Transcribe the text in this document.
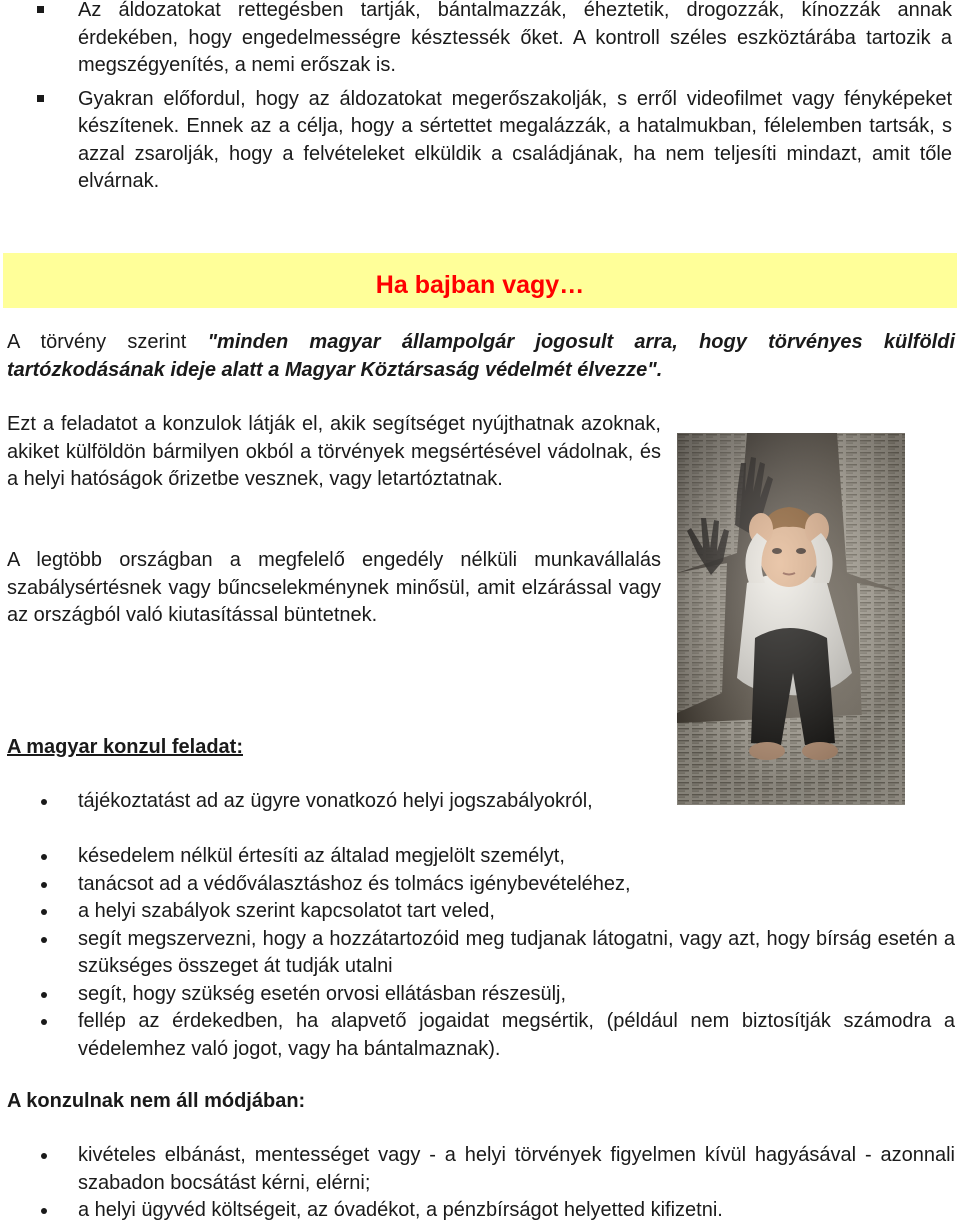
Az áldozatokat rettegésben tartják, bántalmazzák, éheztetik, drogozzák, kínozzák annak érdekében, hogy engedelmességre késztessék őket. A kontroll széles eszköztárába tartozik a megszégyenítés, a nemi erőszak is.
Gyakran előfordul, hogy az áldozatokat megerőszakolják, s erről videofilmet vagy fényképeket készítenek. Ennek az a célja, hogy a sértettet megalázzák, a hatalmukban, félelemben tartsák, s azzal zsarolják, hogy a felvételeket elküldik a családjának, ha nem teljesíti mindazt, amit tőle elvárnak.
Ha bajban vagy…
A törvény szerint "minden magyar állampolgár jogosult arra, hogy törvényes külföldi tartózkodásának ideje alatt a Magyar Köztársaság védelmét élvezze".
Ezt a feladatot a konzulok látják el, akik segítséget nyújthatnak azoknak, akiket külföldön bármilyen okból a törvények megsértésével vádolnak, és a helyi hatóságok őrizetbe vesznek, vagy letartóztatnak.
A legtöbb országban a megfelelő engedély nélküli munkavállalás szabálysértésnek vagy bűncselekménynek minősül, amit elzárással vagy az országból való kiutasítással büntetnek.
A magyar konzul feladat:
tájékoztatást ad az ügyre vonatkozó helyi jogszabályokról,
késedelem nélkül értesíti az általad megjelölt személyt,
tanácsot ad a védőválasztáshoz és tolmács igénybevételéhez,
a helyi szabályok szerint kapcsolatot tart veled,
segít megszervezni, hogy a hozzátartozóid meg tudjanak látogatni, vagy azt, hogy bírság esetén a szükséges összeget át tudják utalni
segít, hogy szükség esetén orvosi ellátásban részesülj,
fellép az érdekedben, ha alapvető jogaidat megsértik, (például nem biztosítják számodra a védelemhez való jogot, vagy ha bántalmaznak).
A konzulnak nem áll módjában:
kivételes elbánást, mentességet vagy - a helyi törvények figyelmen kívül hagyásával - azonnali szabadon bocsátást kérni, elérni;
a helyi ügyvéd költségeit, az óvadékot, a pénzbírságot helyetted kifizetni.
